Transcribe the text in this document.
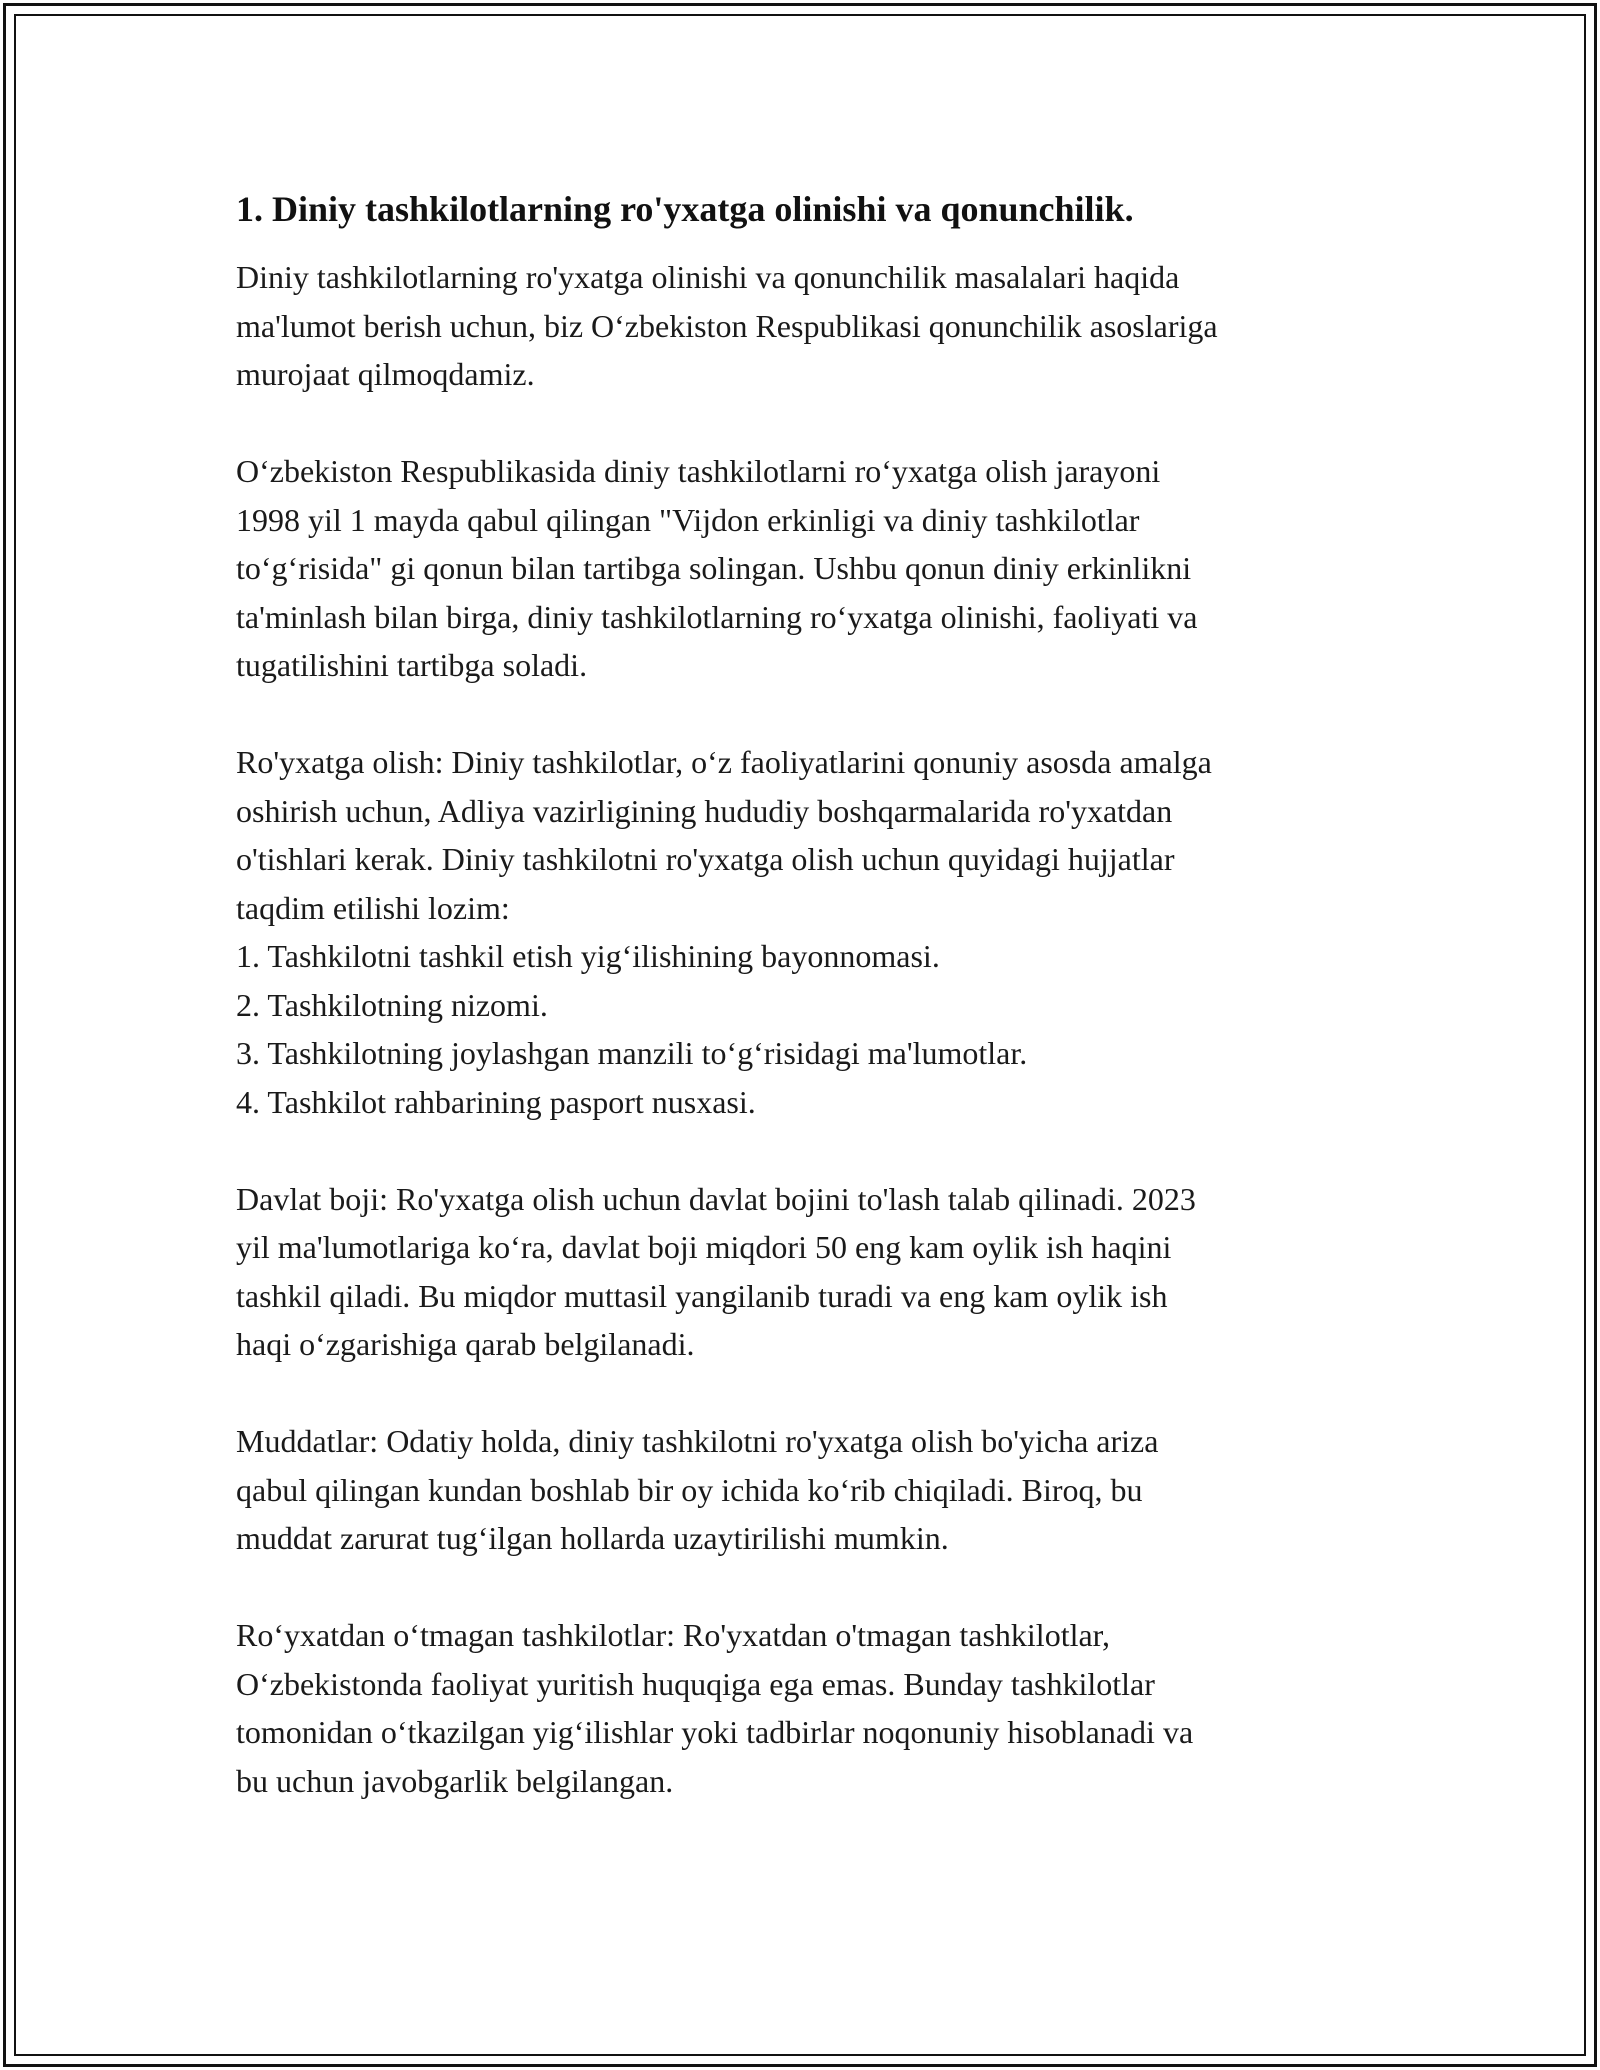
1. Diniy tashkilotlarning ro'yxatga olinishi va qonunchilik.
Diniy tashkilotlarning ro'yxatga olinishi va qonunchilik masalalari haqida
ma'lumot berish uchun, biz O‘zbekiston Respublikasi qonunchilik asoslariga
murojaat qilmoqdamiz.
O‘zbekiston Respublikasida diniy tashkilotlarni ro‘yxatga olish jarayoni
1998 yil 1 mayda qabul qilingan "Vijdon erkinligi va diniy tashkilotlar
to‘g‘risida" gi qonun bilan tartibga solingan. Ushbu qonun diniy erkinlikni
ta'minlash bilan birga, diniy tashkilotlarning ro‘yxatga olinishi, faoliyati va
tugatilishini tartibga soladi.
Ro'yxatga olish: Diniy tashkilotlar, o‘z faoliyatlarini qonuniy asosda amalga
oshirish uchun, Adliya vazirligining hududiy boshqarmalarida ro'yxatdan
o'tishlari kerak. Diniy tashkilotni ro'yxatga olish uchun quyidagi hujjatlar
taqdim etilishi lozim:
1. Tashkilotni tashkil etish yig‘ilishining bayonnomasi.
2. Tashkilotning nizomi.
3. Tashkilotning joylashgan manzili to‘g‘risidagi ma'lumotlar.
4. Tashkilot rahbarining pasport nusxasi.
Davlat boji: Ro'yxatga olish uchun davlat bojini to'lash talab qilinadi. 2023
yil ma'lumotlariga ko‘ra, davlat boji miqdori 50 eng kam oylik ish haqini
tashkil qiladi. Bu miqdor muttasil yangilanib turadi va eng kam oylik ish
haqi o‘zgarishiga qarab belgilanadi.
Muddatlar: Odatiy holda, diniy tashkilotni ro'yxatga olish bo'yicha ariza
qabul qilingan kundan boshlab bir oy ichida ko‘rib chiqiladi. Biroq, bu
muddat zarurat tug‘ilgan hollarda uzaytirilishi mumkin.
Ro‘yxatdan o‘tmagan tashkilotlar: Ro'yxatdan o'tmagan tashkilotlar,
O‘zbekistonda faoliyat yuritish huquqiga ega emas. Bunday tashkilotlar
tomonidan o‘tkazilgan yig‘ilishlar yoki tadbirlar noqonuniy hisoblanadi va
bu uchun javobgarlik belgilangan.
